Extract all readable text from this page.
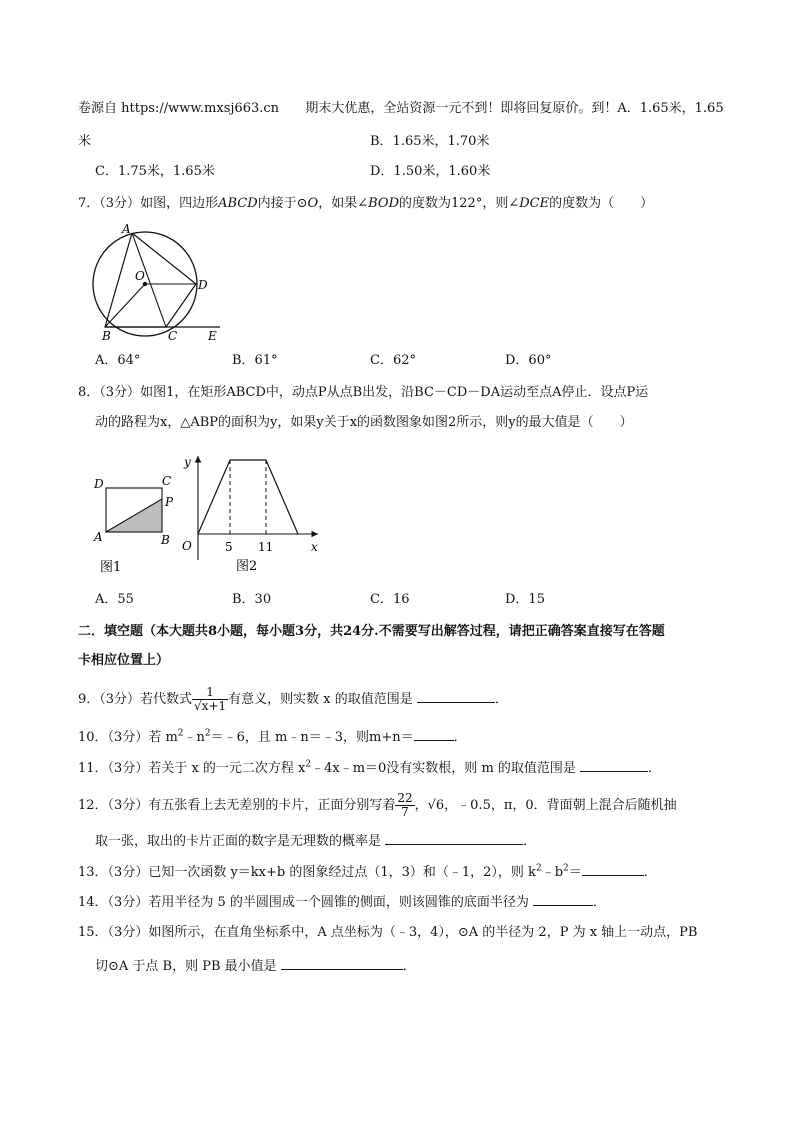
卷源自 https://www.mxsj663.cn 期末大优惠，全站资源一元不到！即将回复原价。到！A．1.65米，1.65
米	B．1.65米，1.70米
C．1.75米，1.65米	D．1.50米，1.60米
7．（3分）如图，四边形ABCD内接于⊙O，如果∠BOD的度数为122°，则∠DCE的度数为（　　）
A
O
D
B	C	E
A．64°	B．61°	C．62°	D．60°
8．（3分）如图1，在矩形ABCD中，动点P从点B出发，沿BC－CD－DA运动至点A停止．设点P运
动的路程为x，△ABP的面积为y，如果y关于x的函数图象如图2所示，则y的最大值是（　　）
D	C
P
A	B
图1
y
O	5 11	x
图2
A．55	B．30	C．16	D．15
二．填空题（本大题共8小题，每小题3分，共24分.不需要写出解答过程，请把正确答案直接写在答题
卡相应位置上）
9．（3分）若代数式 $\frac{1}{√x+1}$ 有意义，则实数 x 的取值范围是	．
10．（3分）若 $m^2﹣n^2=﹣6$，且 m﹣n＝﹣3，则m+n＝	．
11．（3分）若关于 x 的一元二次方程 $x^2﹣4x﹣m=0$没有实数根，则 m 的取值范围是	．
12．（3分）有五张看上去无差别的卡片，正面分别写着 $\frac{22}{7}$ ，√6，﹣0.5，π，0．背面朝上混合后随机抽
取一张，取出的卡片正面的数字是无理数的概率是	．
13．（3分）已知一次函数 y＝kx+b 的图象经过点（1，3）和（﹣1，2），则 $k^2﹣b^2=$	．
14．（3分）若用半径为 5 的半圆围成一个圆锥的侧面，则该圆锥的底面半径为	．
15．（3分）如图所示，在直角坐标系中，A 点坐标为（﹣3，4），⊙A 的半径为 2，P 为 x 轴上一动点，PB
切⊙A 于点 B，则 PB 最小值是	．
